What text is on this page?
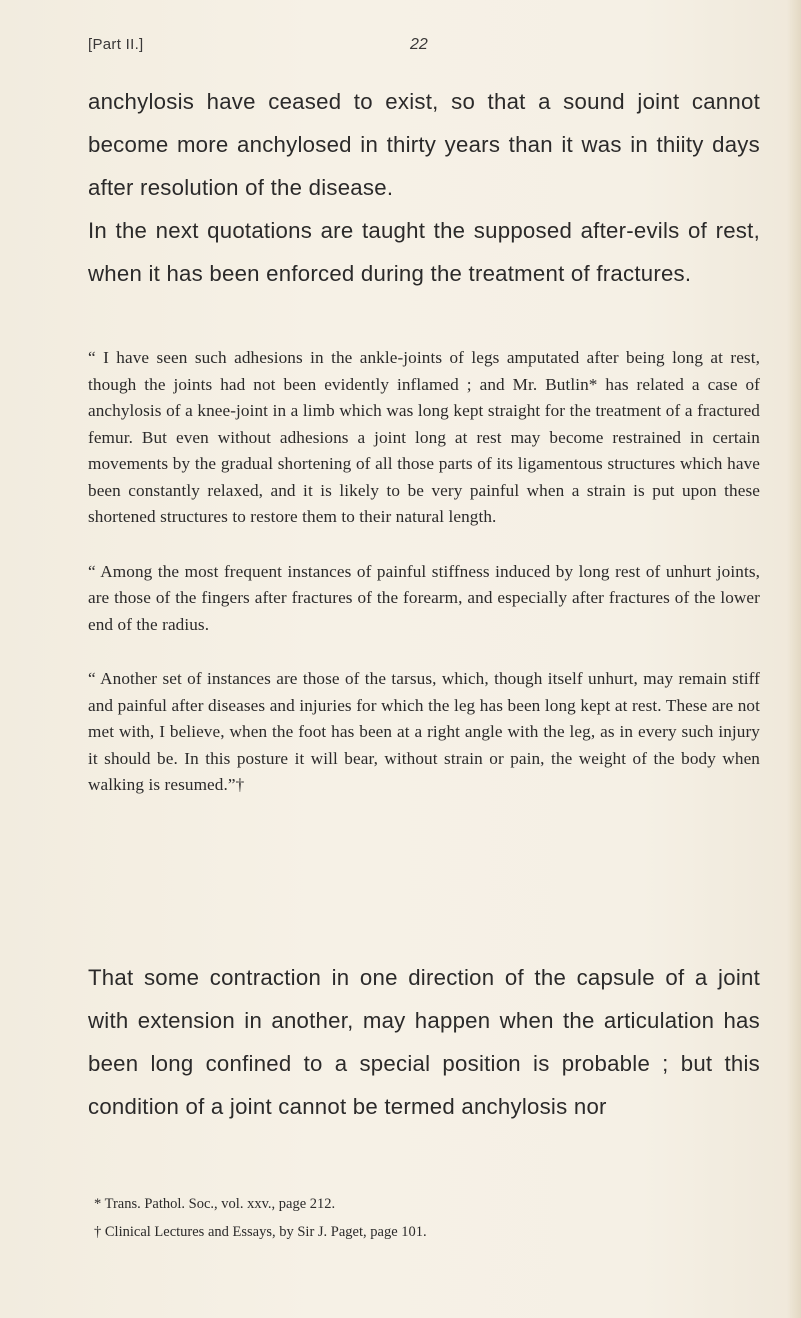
[Part II.]	22

anchylosis have ceased to exist, so that a sound joint cannot become more anchylosed in thirty years than it was in thiity days after resolution of the disease.

In the next quotations are taught the supposed after-evils of rest, when it has been enforced during the treatment of fractures.

“ I have seen such adhesions in the ankle-joints of legs amputated after being long at rest, though the joints had not been evidently inflamed ; and Mr. Butlin* has related a case of anchylosis of a knee-joint in a limb which was long kept straight for the treatment of a fractured femur. But even without adhesions a joint long at rest may become restrained in certain movements by the gradual shortening of all those parts of its ligamentous structures which have been constantly relaxed, and it is likely to be very painful when a strain is put upon these shortened structures to restore them to their natural length.

“ Among the most frequent instances of painful stiffness induced by long rest of unhurt joints, are those of the fingers after fractures of the forearm, and especially after fractures of the lower end of the radius.

“ Another set of instances are those of the tarsus, which, though itself unhurt, may remain stiff and painful after diseases and injuries for which the leg has been long kept at rest. These are not met with, I believe, when the foot has been at a right angle with the leg, as in every such injury it should be. In this posture it will bear, without strain or pain, the weight of the body when walking is resumed.”†

That some contraction in one direction of the capsule of a joint with extension in another, may happen when the articulation has been long confined to a special position is probable ; but this condition of a joint cannot be termed anchylosis nor

* Trans. Pathol. Soc., vol. xxv., page 212.
† Clinical Lectures and Essays, by Sir J. Paget, page 101.
